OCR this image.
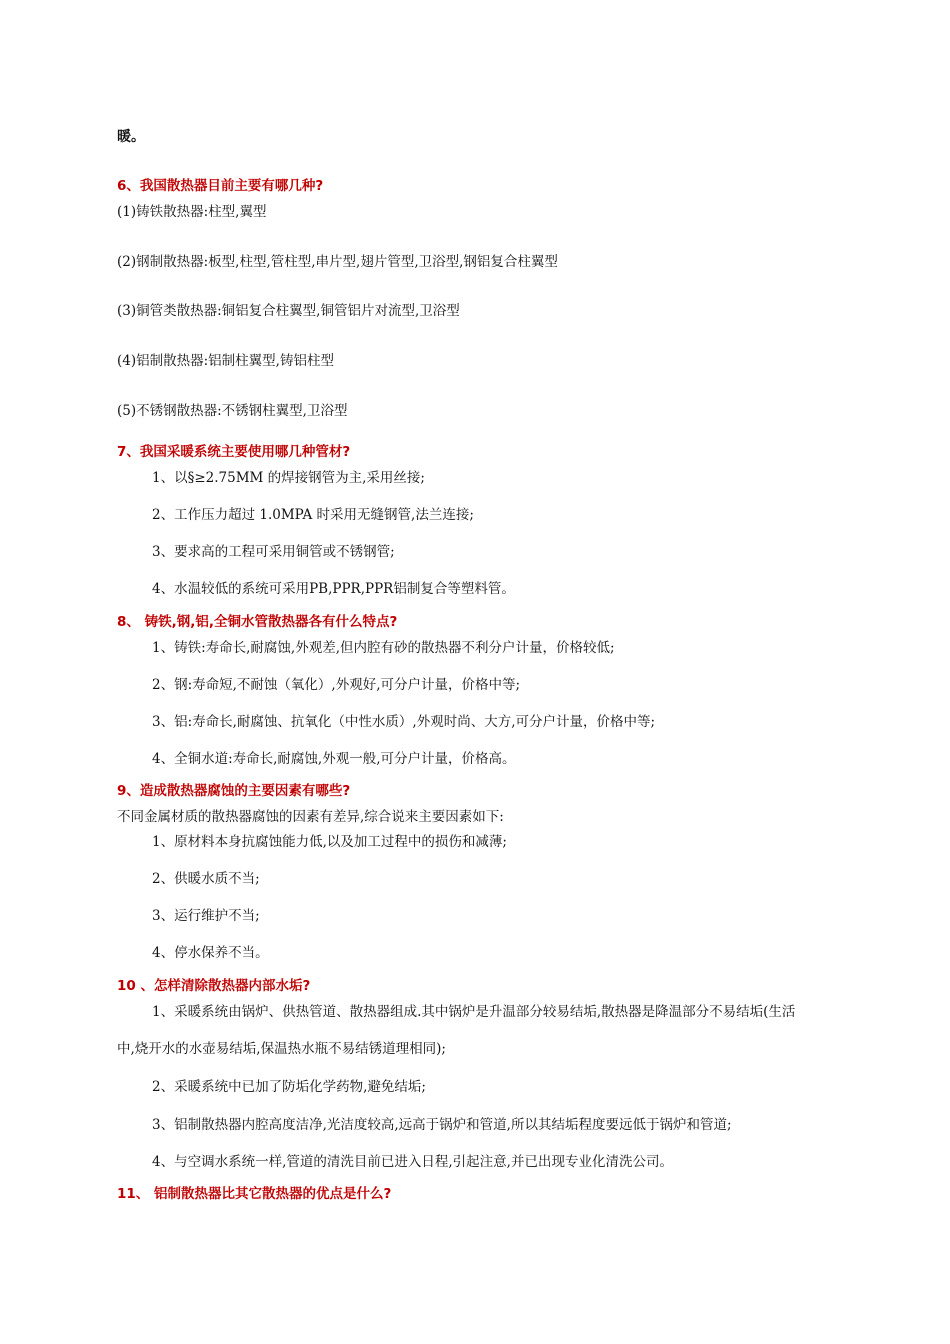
暖。
6、我国散热器目前主要有哪几种?
(1)铸铁散热器:柱型,翼型
(2)钢制散热器:板型,柱型,管柱型,串片型,翅片管型,卫浴型,钢铝复合柱翼型
(3)铜管类散热器:铜铝复合柱翼型,铜管铝片对流型,卫浴型
(4)铝制散热器:铝制柱翼型,铸铝柱型
(5)不锈钢散热器:不锈钢柱翼型,卫浴型
7、我国采暖系统主要使用哪几种管材?
1、以§≥2.75MM 的焊接钢管为主,采用丝接;
2、工作压力超过 1.0MPA 时采用无缝钢管,法兰连接;
3、要求高的工程可采用铜管或不锈钢管;
4、水温较低的系统可采用PB,PPR,PPR铝制复合等塑料管。
8、 铸铁,钢,铝,全铜水管散热器各有什么特点?
1、铸铁:寿命长,耐腐蚀,外观差,但内腔有砂的散热器不利分户计量，价格较低;
2、钢:寿命短,不耐蚀（氧化）,外观好,可分户计量，价格中等;
3、铝:寿命长,耐腐蚀、抗氧化（中性水质）,外观时尚、大方,可分户计量，价格中等;
4、全铜水道:寿命长,耐腐蚀,外观一般,可分户计量，价格高。
9、造成散热器腐蚀的主要因素有哪些?
不同金属材质的散热器腐蚀的因素有差异,综合说来主要因素如下:
1、原材料本身抗腐蚀能力低,以及加工过程中的损伤和减薄;
2、供暖水质不当;
3、运行维护不当;
4、停水保养不当。
10 、怎样清除散热器内部水垢?
1、采暖系统由锅炉、供热管道、散热器组成.其中锅炉是升温部分较易结垢,散热器是降温部分不易结垢(生活
中,烧开水的水壶易结垢,保温热水瓶不易结锈道理相同);
2、采暖系统中已加了防垢化学药物,避免结垢;
3、铝制散热器内腔高度洁净,光洁度较高,远高于锅炉和管道,所以其结垢程度要远低于锅炉和管道;
4、与空调水系统一样,管道的清洗目前已进入日程,引起注意,并已出现专业化清洗公司。
11、 铝制散热器比其它散热器的优点是什么?
